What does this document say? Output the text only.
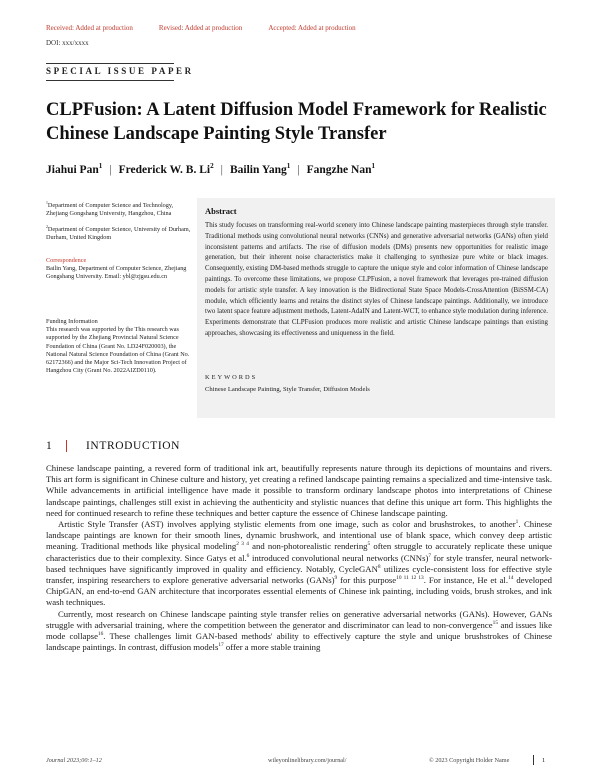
Received: Added at production	Revised: Added at production	Accepted: Added at production
DOI: xxx/xxxx
SPECIAL ISSUE PAPER
CLPFusion: A Latent Diffusion Model Framework for Realistic Chinese Landscape Painting Style Transfer
Jiahui Pan$^1$ | Frederick W. B. Li$^2$ | Bailin Yang$^1$ | Fangzhe Nan$^1$
$^1$Department of Computer Science and Technology, Zhejiang Gongshang University, Hangzhou, China
$^2$Department of Computer Science, University of Durham, Durham, United Kingdom
Correspondence
Bailin Yang, Department of Computer Science, Zhejiang Gongshang University. Email: ybl@zjgsu.edu.cn
Funding Information
This research was supported by the This research was supported by the Zhejiang Provincial Natural Science Foundation of China (Grant No. LD24F020003), the National Natural Science Foundation of China (Grant No. 62172366) and the Major Sci-Tech Innovation Project of Hangzhou City (Grant No. 2022AIZD0110).
Abstract
This study focuses on transforming real-world scenery into Chinese landscape painting masterpieces through style transfer. Traditional methods using convolutional neural networks (CNNs) and generative adversarial networks (GANs) often yield inconsistent patterns and artifacts. The rise of diffusion models (DMs) presents new opportunities for realistic image generation, but their inherent noise characteristics make it challenging to synthesize pure white or black images. Consequently, existing DM-based methods struggle to capture the unique style and color information of Chinese landscape paintings. To overcome these limitations, we propose CLPFusion, a novel framework that leverages pre-trained diffusion models for artistic style transfer. A key innovation is the Bidirectional State Space Models-CrossAttention (BiSSM-CA) module, which efficiently learns and retains the distinct styles of Chinese landscape paintings. Additionally, we introduce two latent space feature adjustment methods, Latent-AdaIN and Latent-WCT, to enhance style modulation during inference. Experiments demonstrate that CLPFusion produces more realistic and artistic Chinese landscape paintings than existing approaches, showcasing its effectiveness and uniqueness in the field.
KEYWORDS
Chinese Landscape Painting, Style Transfer, Diffusion Models
1	INTRODUCTION

Chinese landscape painting, a revered form of traditional ink art, beautifully represents nature through its depictions of mountains and rivers. This art form is significant in Chinese culture and history, yet creating a refined landscape painting remains a specialized and time-intensive task. While advancements in artificial intelligence have made it possible to transform ordinary landscape photos into interpretations of Chinese landscape paintings, challenges still exist in achieving the authenticity and stylistic nuances that define this unique art form. This highlights the need for continued research to refine these techniques and better capture the essence of Chinese landscape painting.

Artistic Style Transfer (AST) involves applying stylistic elements from one image, such as color and brushstrokes, to another$^1$. Chinese landscape paintings are known for their smooth lines, dynamic brushwork, and intentional use of blank space, which convey deep artistic meaning. Traditional methods like physical modeling$^{2 3 4}$ and non-photorealistic rendering$^5$ often struggle to accurately replicate these unique characteristics due to their complexity. Since Gatys et al.$^6$ introduced convolutional neural networks (CNNs)$^7$ for style transfer, neural network-based techniques have significantly improved in quality and efficiency. Notably, CycleGAN$^8$ utilizes cycle-consistent loss for effective style transfer, inspiring researchers to explore generative adversarial networks (GANs)$^9$ for this purpose$^{10 11 12 13}$. For instance, He et al.$^{14}$ developed ChipGAN, an end-to-end GAN architecture that incorporates essential elements of Chinese ink painting, including voids, brush strokes, and ink wash techniques.

Currently, most research on Chinese landscape painting style transfer relies on generative adversarial networks (GANs). However, GANs struggle with adversarial training, where the competition between the generator and discriminator can lead to non-convergence$^{15}$ and issues like mode collapse$^{16}$. These challenges limit GAN-based methods' ability to effectively capture the style and unique brushstrokes of Chinese landscape paintings. In contrast, diffusion models$^{17}$ offer a more stable training

Journal 2023;00:1–12	wileyonlinelibrary.com/journal/	© 2023 Copyright Holder Name	1
